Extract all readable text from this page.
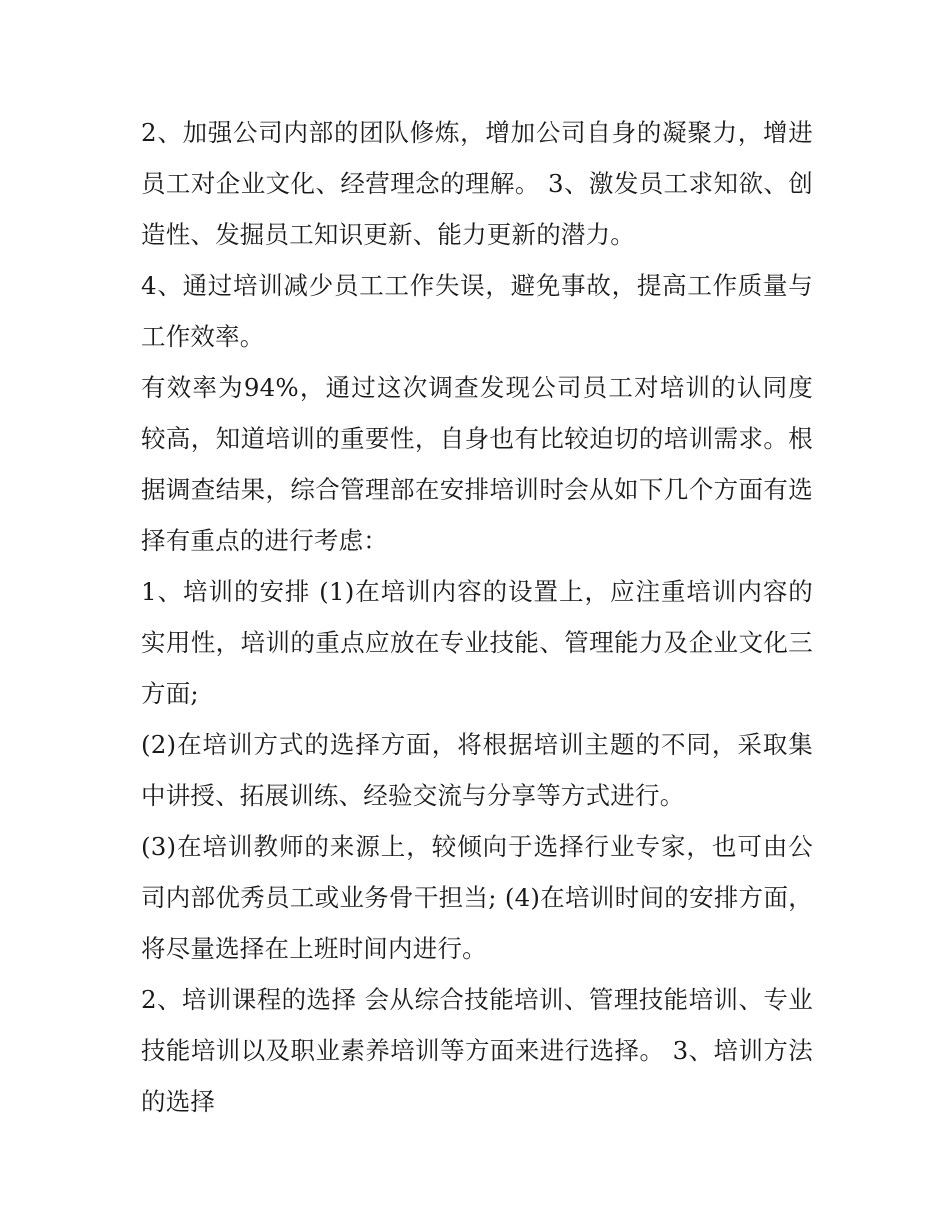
2、加强公司内部的团队修炼，增加公司自身的凝聚力，增进员工对企业文化、经营理念的理解。 3、激发员工求知欲、创造性、发掘员工知识更新、能力更新的潜力。

4、通过培训减少员工工作失误，避免事故，提高工作质量与工作效率。

有效率为94%，通过这次调查发现公司员工对培训的认同度较高，知道培训的重要性，自身也有比较迫切的培训需求。根据调查结果，综合管理部在安排培训时会从如下几个方面有选择有重点的进行考虑：

1、培训的安排 (1)在培训内容的设置上，应注重培训内容的实用性，培训的重点应放在专业技能、管理能力及企业文化三方面;

(2)在培训方式的选择方面，将根据培训主题的不同，采取集中讲授、拓展训练、经验交流与分享等方式进行。

(3)在培训教师的来源上，较倾向于选择行业专家，也可由公司内部优秀员工或业务骨干担当; (4)在培训时间的安排方面，将尽量选择在上班时间内进行。

2、培训课程的选择 会从综合技能培训、管理技能培训、专业技能培训以及职业素养培训等方面来进行选择。 3、培训方法的选择
